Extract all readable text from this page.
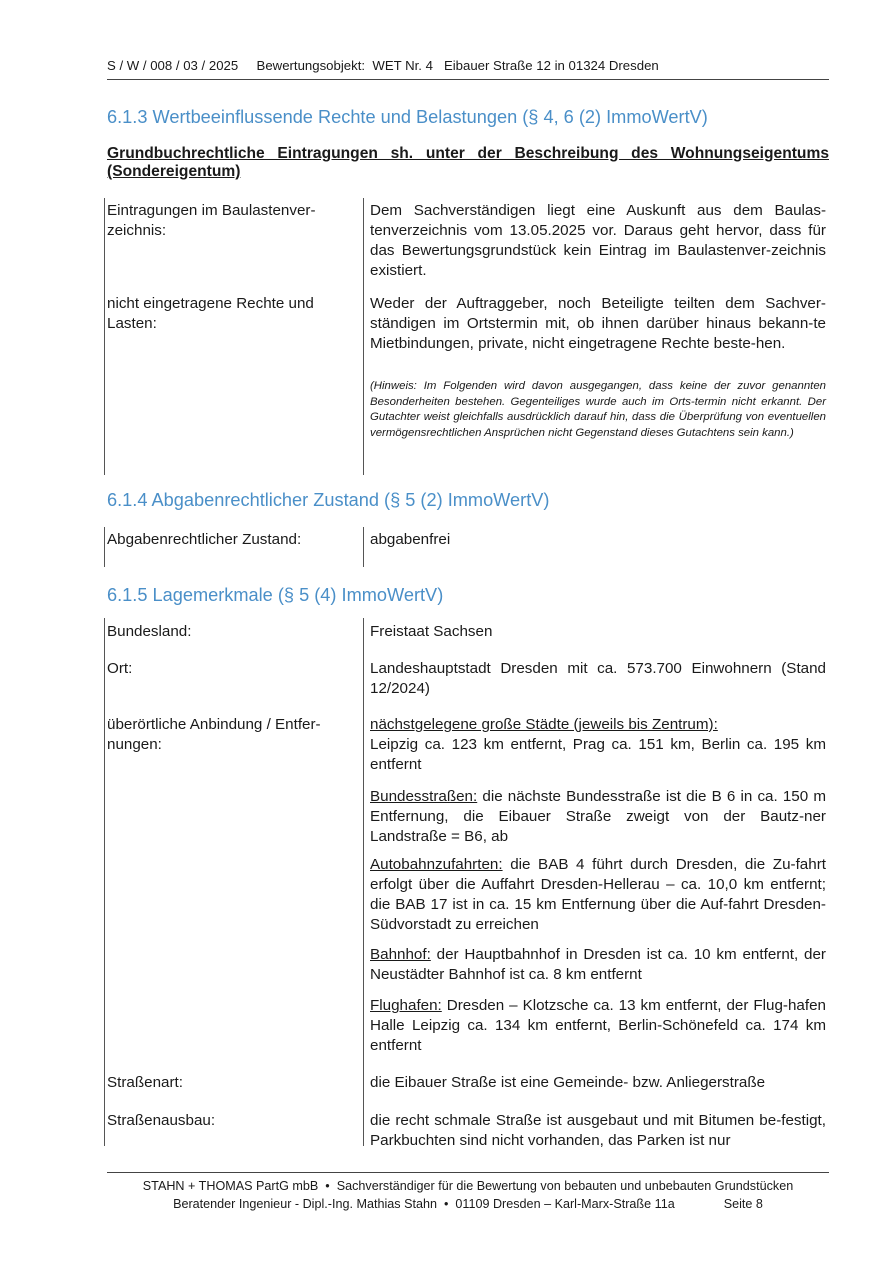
S / W / 008 / 03 / 2025 Bewertungsobjekt: WET Nr. 4   Eibauer Straße 12 in 01324 Dresden
6.1.3 Wertbeeinflussende Rechte und Belastungen (§ 4, 6 (2) ImmoWertV)
Grundbuchrechtliche Eintragungen sh. unter der Beschreibung des Wohnungseigentums
(Sondereigentum)
Eintragungen im Baulastenver-zeichnis:
Dem Sachverständigen liegt eine Auskunft aus dem Baulas-tenverzeichnis vom 13.05.2025 vor. Daraus geht hervor, dass für das Bewertungsgrundstück kein Eintrag im Baulastenver-zeichnis existiert.
nicht eingetragene Rechte und Lasten:
Weder der Auftraggeber, noch Beteiligte teilten dem Sachver-ständigen im Ortstermin mit, ob ihnen darüber hinaus bekann-te Mietbindungen, private, nicht eingetragene Rechte beste-hen.
(Hinweis: Im Folgenden wird davon ausgegangen, dass keine der zuvor genannten Besonderheiten bestehen. Gegenteiliges wurde auch im Orts-termin nicht erkannt. Der Gutachter weist gleichfalls ausdrücklich darauf hin, dass die Überprüfung von eventuellen vermögensrechtlichen Ansprüchen nicht Gegenstand dieses Gutachtens sein kann.)
6.1.4 Abgabenrechtlicher Zustand (§ 5 (2) ImmoWertV)
Abgabenrechtlicher Zustand:	abgabenfrei
6.1.5 Lagemerkmale (§ 5 (4) ImmoWertV)
Bundesland:	Freistaat Sachsen
Ort:	Landeshauptstadt Dresden mit ca. 573.700 Einwohnern (Stand 12/2024)
überörtliche Anbindung / Entfer-nungen:
nächstgelegene große Städte (jeweils bis Zentrum):
Leipzig ca. 123 km entfernt, Prag ca. 151 km, Berlin ca. 195 km entfernt
Bundesstraßen: die nächste Bundesstraße ist die B 6 in ca. 150 m Entfernung, die Eibauer Straße zweigt von der Bautz-ner Landstraße = B6, ab
Autobahnzufahrten: die BAB 4 führt durch Dresden, die Zu-fahrt erfolgt über die Auffahrt Dresden-Hellerau – ca. 10,0 km entfernt; die BAB 17 ist in ca. 15 km Entfernung über die Auf-fahrt Dresden-Südvorstadt zu erreichen
Bahnhof: der Hauptbahnhof in Dresden ist ca. 10 km entfernt, der Neustädter Bahnhof ist ca. 8 km entfernt
Flughafen: Dresden – Klotzsche ca. 13 km entfernt, der Flug-hafen Halle Leipzig ca. 134 km entfernt, Berlin-Schönefeld ca. 174 km entfernt
Straßenart:	die Eibauer Straße ist eine Gemeinde- bzw. Anliegerstraße
Straßenausbau:	die recht schmale Straße ist ausgebaut und mit Bitumen be-festigt, Parkbuchten sind nicht vorhanden, das Parken ist nur
STAHN + THOMAS PartG mbB  •  Sachverständiger für die Bewertung von bebauten und unbebauten Grundstücken
Beratender Ingenieur - Dipl.-Ing. Mathias Stahn  •  01109 Dresden – Karl-Marx-Straße 11a	Seite 8
